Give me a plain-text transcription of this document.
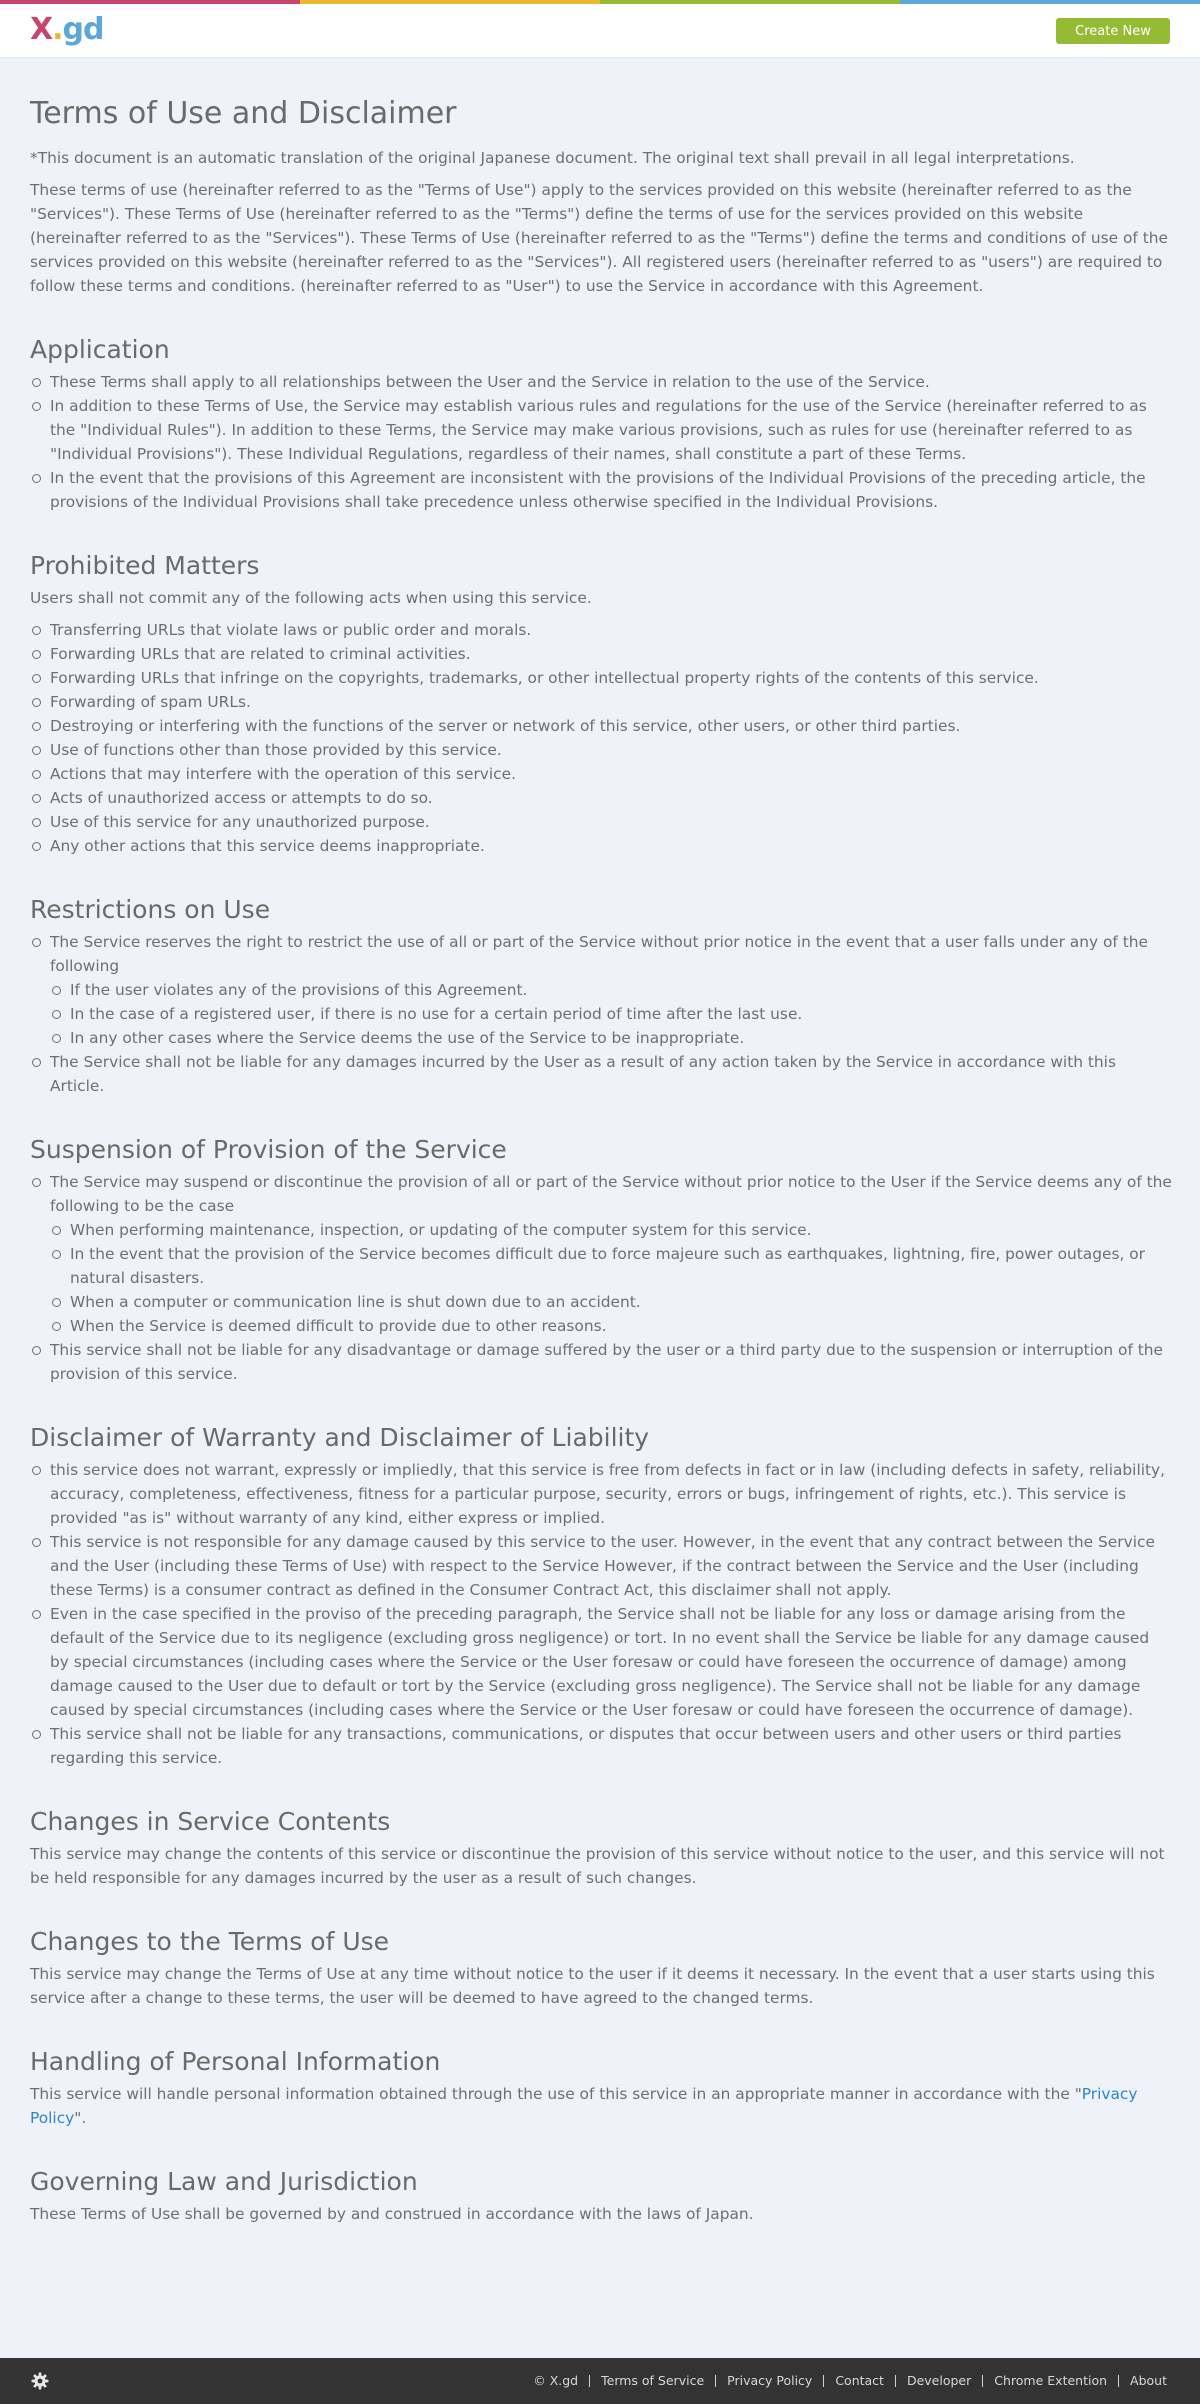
X . gd	Create New
Terms of Use and Disclaimer

*This document is an automatic translation of the original Japanese document. The original text shall prevail in all legal interpretations.

These terms of use (hereinafter referred to as the "Terms of Use") apply to the services provided on this website (hereinafter referred to as the "Services"). These Terms of Use (hereinafter referred to as the "Terms") define the terms of use for the services provided on this website (hereinafter referred to as the "Services"). These Terms of Use (hereinafter referred to as the "Terms") define the terms and conditions of use of the services provided on this website (hereinafter referred to as the "Services"). All registered users (hereinafter referred to as "users") are required to follow these terms and conditions. (hereinafter referred to as "User") to use the Service in accordance with this Agreement.

Application
These Terms shall apply to all relationships between the User and the Service in relation to the use of the Service.
In addition to these Terms of Use, the Service may establish various rules and regulations for the use of the Service (hereinafter referred to as the "Individual Rules"). In addition to these Terms, the Service may make various provisions, such as rules for use (hereinafter referred to as "Individual Provisions"). These Individual Regulations, regardless of their names, shall constitute a part of these Terms.
In the event that the provisions of this Agreement are inconsistent with the provisions of the Individual Provisions of the preceding article, the provisions of the Individual Provisions shall take precedence unless otherwise specified in the Individual Provisions.
Prohibited Matters

Users shall not commit any of the following acts when using this service.

Transferring URLs that violate laws or public order and morals.
Forwarding URLs that are related to criminal activities.
Forwarding URLs that infringe on the copyrights, trademarks, or other intellectual property rights of the contents of this service.
Forwarding of spam URLs.
Destroying or interfering with the functions of the server or network of this service, other users, or other third parties.
Use of functions other than those provided by this service.
Actions that may interfere with the operation of this service.
Acts of unauthorized access or attempts to do so.
Use of this service for any unauthorized purpose.
Any other actions that this service deems inappropriate.
Restrictions on Use
The Service reserves the right to restrict the use of all or part of the Service without prior notice in the event that a user falls under any of the following
If the user violates any of the provisions of this Agreement.
In the case of a registered user, if there is no use for a certain period of time after the last use.
In any other cases where the Service deems the use of the Service to be inappropriate.
The Service shall not be liable for any damages incurred by the User as a result of any action taken by the Service in accordance with this Article.
Suspension of Provision of the Service
The Service may suspend or discontinue the provision of all or part of the Service without prior notice to the User if the Service deems any of the following to be the case
When performing maintenance, inspection, or updating of the computer system for this service.
In the event that the provision of the Service becomes difficult due to force majeure such as earthquakes, lightning, fire, power outages, or natural disasters.
When a computer or communication line is shut down due to an accident.
When the Service is deemed difficult to provide due to other reasons.
This service shall not be liable for any disadvantage or damage suffered by the user or a third party due to the suspension or interruption of the provision of this service.
Disclaimer of Warranty and Disclaimer of Liability
this service does not warrant, expressly or impliedly, that this service is free from defects in fact or in law (including defects in safety, reliability, accuracy, completeness, effectiveness, fitness for a particular purpose, security, errors or bugs, infringement of rights, etc.). This service is provided "as is" without warranty of any kind, either express or implied.
This service is not responsible for any damage caused by this service to the user. However, in the event that any contract between the Service and the User (including these Terms of Use) with respect to the Service However, if the contract between the Service and the User (including these Terms) is a consumer contract as defined in the Consumer Contract Act, this disclaimer shall not apply.
Even in the case specified in the proviso of the preceding paragraph, the Service shall not be liable for any loss or damage arising from the default of the Service due to its negligence (excluding gross negligence) or tort. In no event shall the Service be liable for any damage caused by special circumstances (including cases where the Service or the User foresaw or could have foreseen the occurrence of damage) among damage caused to the User due to default or tort by the Service (excluding gross negligence). The Service shall not be liable for any damage caused by special circumstances (including cases where the Service or the User foresaw or could have foreseen the occurrence of damage).
This service shall not be liable for any transactions, communications, or disputes that occur between users and other users or third parties regarding this service.
Changes in Service Contents

This service may change the contents of this service or discontinue the provision of this service without notice to the user, and this service will not be held responsible for any damages incurred by the user as a result of such changes.

Changes to the Terms of Use

This service may change the Terms of Use at any time without notice to the user if it deems it necessary. In the event that a user starts using this service after a change to these terms, the user will be deemed to have agreed to the changed terms.

Handling of Personal Information

This service will handle personal information obtained through the use of this service in an appropriate manner in accordance with the "Privacy Policy".

Governing Law and Jurisdiction

These Terms of Use shall be governed by and construed in accordance with the laws of Japan.

© X.gd Terms of Service Privacy Policy Contact Developer Chrome Extention About
